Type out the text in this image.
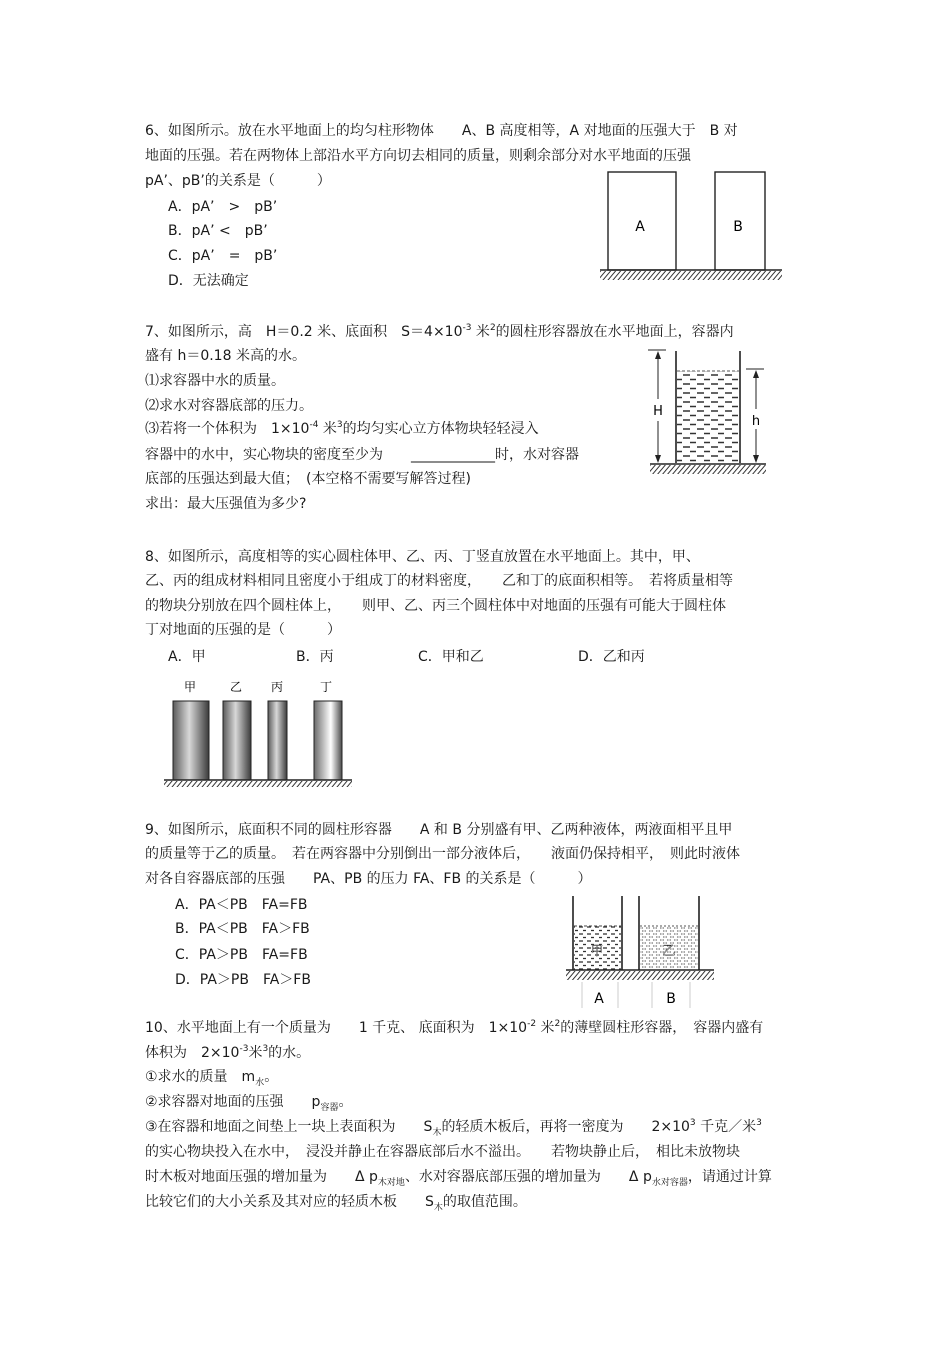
6、如图所示。放在水平地面上的均匀柱形物体　　A、B 高度相等，A 对地面的压强大于　B 对
地面的压强。若在两物体上部沿水平方向切去相同的质量，则剩余部分对水平地面的压强
pA’、pB’的关系是（　　　）
A．pA’　>　pB’
B．pA’ <　pB’
C．pA’　=　pB’
D．无法确定
A	B
7、如图所示，高　H＝0.2 米、底面积　$S=4\times 10^{-3}$ 米$^2$的圆柱形容器放在水平地面上，容器内
盛有 h＝0.18 米高的水。
⑴求容器中水的质量。
⑵求水对容器底部的压力。
⑶若将一个体积为　$1\times 10^{-4}$ 米$^3$的均匀实心立方体物块轻轻浸入
容器中的水中，实心物块的密度至少为　　____________时，水对容器
底部的压强达到最大值；　(本空格不需要写解答过程)
求出：最大压强值为多少?
H
h
8、如图所示，高度相等的实心圆柱体甲、乙、丙、丁竖直放置在水平地面上。其中，甲、
乙、丙的组成材料相同且密度小于组成丁的材料密度，　　乙和丁的底面积相等。　若将质量相等
的物块分别放在四个圆柱体上，　　则甲、乙、丙三个圆柱体中对地面的压强有可能大于圆柱体
丁对地面的压强的是（　　　）
A．甲	B．丙	C．甲和乙	D．乙和丙
甲	乙 丙	丁
9、如图所示，底面积不同的圆柱形容器　　A 和 B 分别盛有甲、乙两种液体，两液面相平且甲
的质量等于乙的质量。　若在两容器中分别倒出一部分液体后，　　液面仍保持相平，　则此时液体
对各自容器底部的压强　　PA、PB 的压力 FA、FB 的关系是（　　　）
A．PA＜PB　FA=FB
B．PA＜PB　FA＞FB
C．PA＞PB　FA=FB
D．PA＞PB　FA＞FB
甲	乙
A	B
10、水平地面上有一个质量为　　1 千克、 底面积为　$1\times 10^{-2}$ 米$^2$的薄壁圆柱形容器，　容器内盛有
体积为　$2\times 10^{-3}$米$^3$的水。
①求水的质量　$m_水$。
②求容器对地面的压强　　$p_{容器}$。
③在容器和地面之间垫上一块上表面积为　　$S_木$的轻质木板后，再将一密度为　　$2\times 10^3$ 千克／米$^3$
的实心物块投入在水中，　浸没并静止在容器底部后水不溢出。　　若物块静止后，　相比未放物块
时木板对地面压强的增加量为　　Δ $p_{木对地}$、水对容器底部压强的增加量为　　Δ $p_{水对容器}$，请通过计算
比较它们的大小关系及其对应的轻质木板　　$S_木$的取值范围。
